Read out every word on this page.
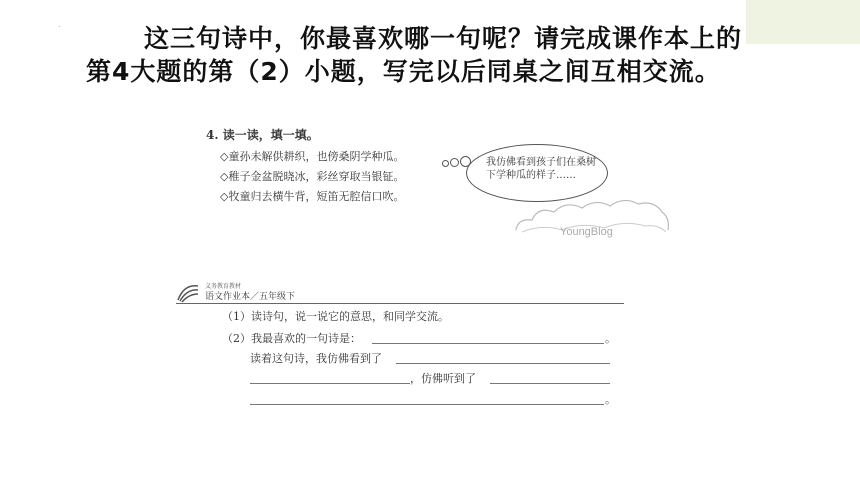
.	这三句诗中，你最喜欢哪一句呢？请完成课作本上的第4大题的第（2）小题，写完以后同桌之间互相交流。
4. 读一读，填一填。
◇童孙未解供耕织，也傍桑阴学种瓜。
◇稚子金盆脱晓冰，彩丝穿取当银钲。
◇牧童归去横牛背，短笛无腔信口吹。
我仿佛看到孩子们在桑树下学种瓜的样子……
YoungBlog
义务教育教材
语文作业本／五年级下
（1）读诗句，说一说它的意思，和同学交流。
（2）我最喜欢的一句诗是：	。
读着这句诗，我仿佛看到了
，仿佛听到了
。
